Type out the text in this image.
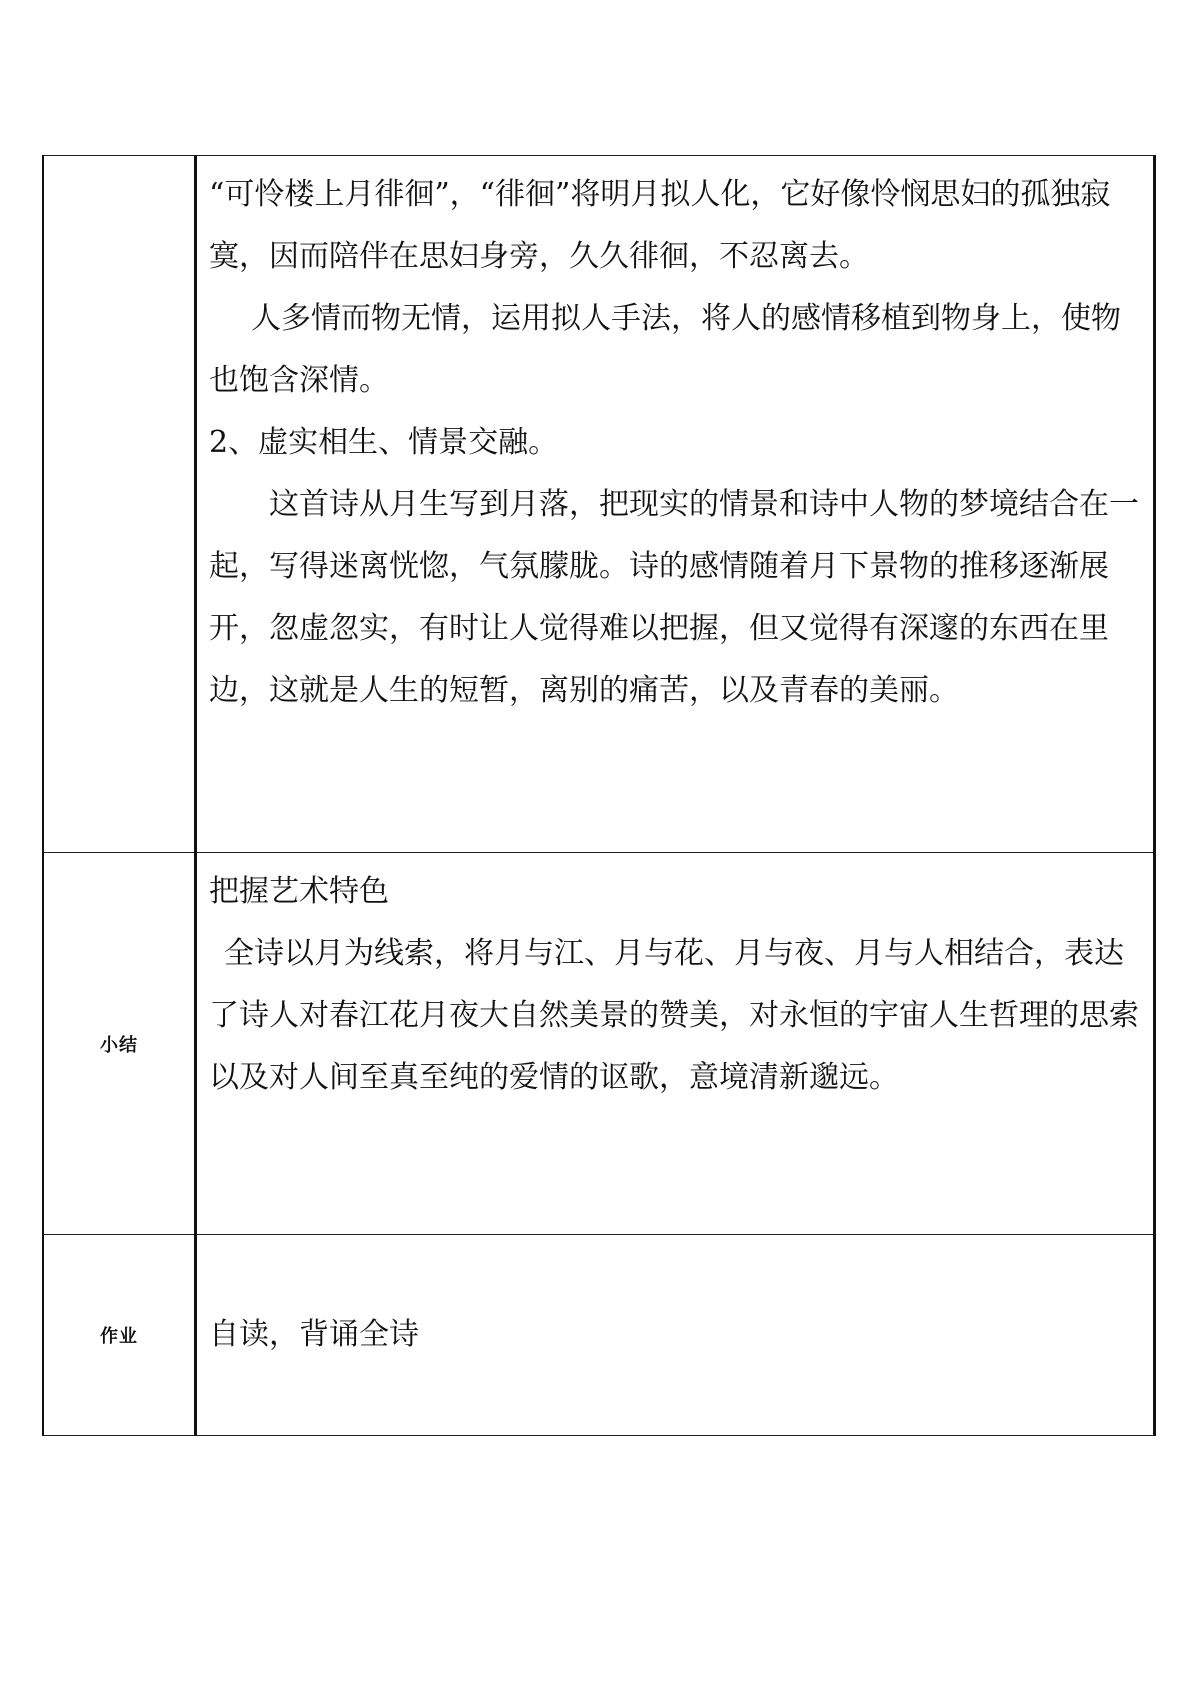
	“可怜楼上月徘徊”，“徘徊”将明月拟人化，它好像怜悯思妇的孤独寂寞，因而陪伴在思妇身旁，久久徘徊，不忍离去。

人多情而物无情，运用拟人手法，将人的感情移植到物身上，使物也饱含深情。

2、虚实相生、情景交融。

这首诗从月生写到月落，把现实的情景和诗中人物的梦境结合在一起，写得迷离恍惚，气氛朦胧。诗的感情随着月下景物的推移逐渐展开，忽虚忽实，有时让人觉得难以把握，但又觉得有深邃的东西在里边，这就是人生的短暂，离别的痛苦，以及青春的美丽。

小结	把握艺术特色

全诗以月为线索，将月与江、月与花、月与夜、月与人相结合，表达了诗人对春江花月夜大自然美景的赞美，对永恒的宇宙人生哲理的思索以及对人间至真至纯的爱情的讴歌，意境清新邈远。

作业	自读，背诵全诗
